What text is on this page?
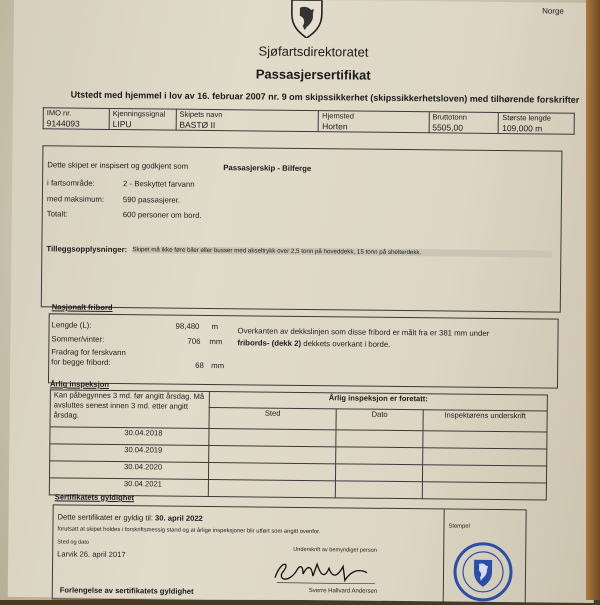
Norge
Sjøfartsdirektoratet
Passasjersertifikat
Utstedt med hjemmel i lov av 16. februar 2007 nr. 9 om skipssikkerhet (skipssikkerhetsloven) med tilhørende forskrifter
IMO nr.
9144093

Kjenningssignal
LIPU

Skipets navn
BASTØ II

Hjemsted
Horten

Bruttotonn
5505,00

Største lengde
109,000 m
Dette skipet er inspisert og godkjent som	Passasjerskip - Bilferge
i fartsområde:	2 - Beskyttet farvann
med maksimum: 590 passasjerer.
Totalt:	600 personer om bord.
Tilleggsopplysninger: Skipet må ikke føre biler eller busser med akseltrykk over 2,5 tonn på hoveddekk, 15 tonn på shelterdekk.
Nasjonalt fribord
Lengde (L):	98,480 m
Sommer/vinter:	706 mm
Fradrag for ferskvann
for begge fribord:	68 mm
Overkanten av dekkslinjen som disse fribord er målt fra er 381 mm under
fribords- (dekk 2) dekkets overkant i borde.
Årlig inspeksjon
Kan påbegynnes 3 md. før angitt årsdag. Må avsluttes senest innen 3 md. etter angitt årsdag.	Årlig inspeksjon er foretatt:		
	Sted	Dato	Inspektørens underskrift
30.04.2018			
30.04.2019			
30.04.2020			
30.04.2021			
Sertifikatets gyldighet
Dette sertifikatet er gyldig til: 30. april 2022
forutsatt at skipet holdes i forskriftsmessig stand og at årlige inspeksjoner blir utført som angitt ovenfor.
Sted og dato
Larvik 26. april 2017	Underskrift av bemyndiget person
Sverre Hallvard Andersen
Stempel
Forlengelse av sertifikatets gyldighet
